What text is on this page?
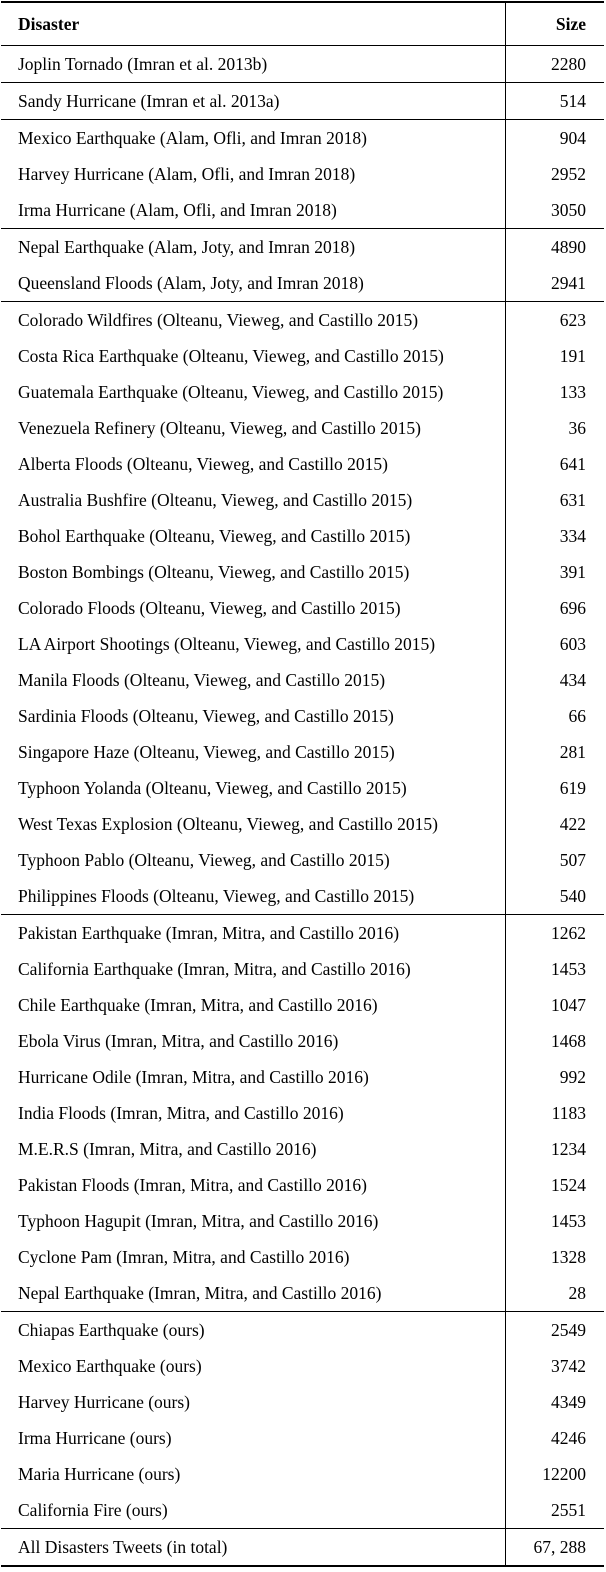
Disaster	Size
Joplin Tornado (Imran et al. 2013b)	2280
Sandy Hurricane (Imran et al. 2013a)	514
Mexico Earthquake (Alam, Ofli, and Imran 2018)	904
Harvey Hurricane (Alam, Ofli, and Imran 2018)	2952
Irma Hurricane (Alam, Ofli, and Imran 2018)	3050
Nepal Earthquake (Alam, Joty, and Imran 2018)	4890
Queensland Floods (Alam, Joty, and Imran 2018)	2941
Colorado Wildfires (Olteanu, Vieweg, and Castillo 2015)	623
Costa Rica Earthquake (Olteanu, Vieweg, and Castillo 2015)	191
Guatemala Earthquake (Olteanu, Vieweg, and Castillo 2015)	133
Venezuela Refinery (Olteanu, Vieweg, and Castillo 2015)	36
Alberta Floods (Olteanu, Vieweg, and Castillo 2015)	641
Australia Bushfire (Olteanu, Vieweg, and Castillo 2015)	631
Bohol Earthquake (Olteanu, Vieweg, and Castillo 2015)	334
Boston Bombings (Olteanu, Vieweg, and Castillo 2015)	391
Colorado Floods (Olteanu, Vieweg, and Castillo 2015)	696
LA Airport Shootings (Olteanu, Vieweg, and Castillo 2015)	603
Manila Floods (Olteanu, Vieweg, and Castillo 2015)	434
Sardinia Floods (Olteanu, Vieweg, and Castillo 2015)	66
Singapore Haze (Olteanu, Vieweg, and Castillo 2015)	281
Typhoon Yolanda (Olteanu, Vieweg, and Castillo 2015)	619
West Texas Explosion (Olteanu, Vieweg, and Castillo 2015)	422
Typhoon Pablo (Olteanu, Vieweg, and Castillo 2015)	507
Philippines Floods (Olteanu, Vieweg, and Castillo 2015)	540
Pakistan Earthquake (Imran, Mitra, and Castillo 2016)	1262
California Earthquake (Imran, Mitra, and Castillo 2016)	1453
Chile Earthquake (Imran, Mitra, and Castillo 2016)	1047
Ebola Virus (Imran, Mitra, and Castillo 2016)	1468
Hurricane Odile (Imran, Mitra, and Castillo 2016)	992
India Floods (Imran, Mitra, and Castillo 2016)	1183
M.E.R.S (Imran, Mitra, and Castillo 2016)	1234
Pakistan Floods (Imran, Mitra, and Castillo 2016)	1524
Typhoon Hagupit (Imran, Mitra, and Castillo 2016)	1453
Cyclone Pam (Imran, Mitra, and Castillo 2016)	1328
Nepal Earthquake (Imran, Mitra, and Castillo 2016)	28
Chiapas Earthquake (ours)	2549
Mexico Earthquake (ours)	3742
Harvey Hurricane (ours)	4349
Irma Hurricane (ours)	4246
Maria Hurricane (ours)	12200
California Fire (ours)	2551
All Disasters Tweets (in total)	67, 288
